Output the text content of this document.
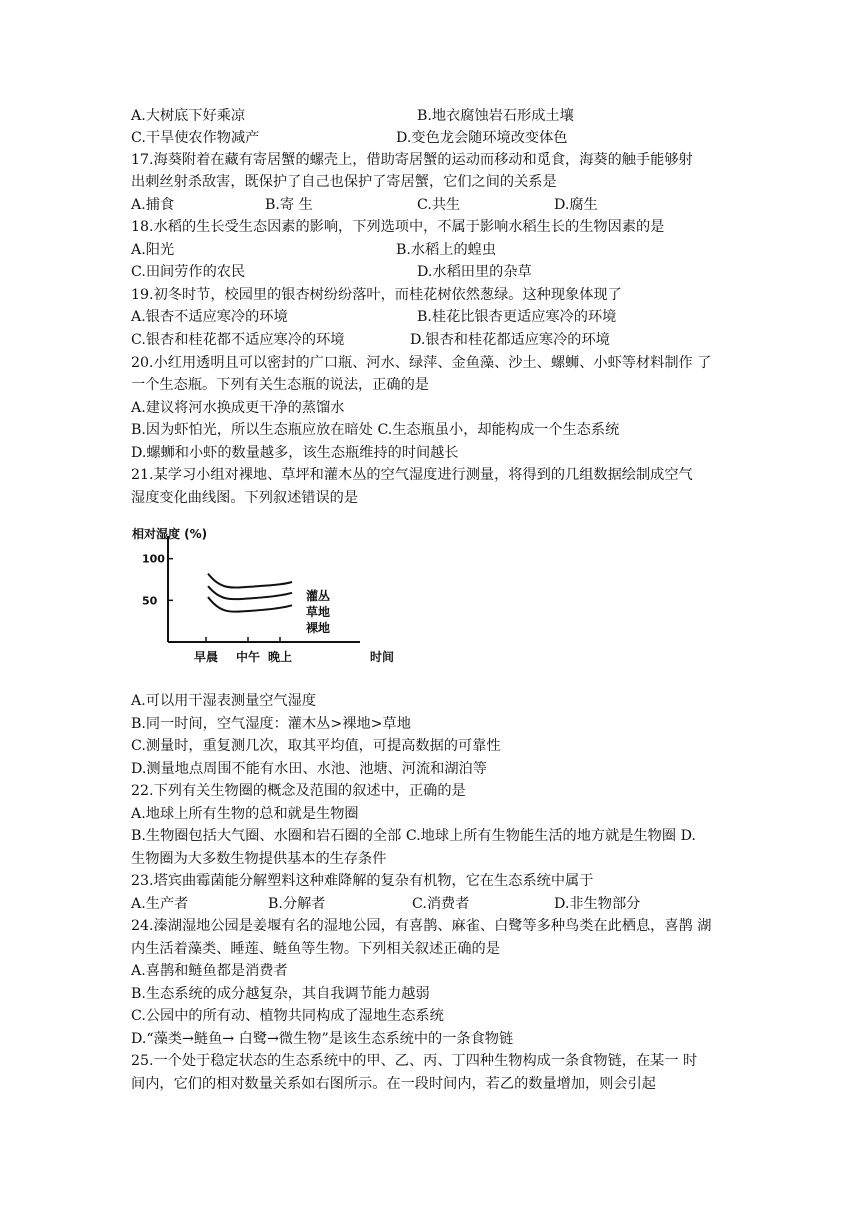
A.大树底下好乘凉	B.地衣腐蚀岩石形成土壤
C.干旱使农作物减产	D.变色龙会随环境改变体色
17.海葵附着在藏有寄居蟹的螺壳上，借助寄居蟹的运动而移动和觅食，海葵的触手能够射
出刺丝射杀敌害，既保护了自己也保护了寄居蟹，它们之间的关系是
A.捕食	B.寄 生	C.共生	D.腐生
18.水稻的生长受生态因素的影响，下列选项中，不属于影响水稻生长的生物因素的是
A.阳光	B.水稻上的蝗虫
C.田间劳作的农民	D.水稻田里的杂草
19.初冬时节，校园里的银杏树纷纷落叶，而桂花树依然葱绿。这种现象体现了
A.银杏不适应寒冷的环境	B.桂花比银杏更适应寒冷的环境
C.银杏和桂花都不适应寒冷的环境	D.银杏和桂花都适应寒冷的环境
20.小红用透明且可以密封的广口瓶、河水、绿萍、金鱼藻、沙土、螺蛳、小虾等材料制作 了
一个生态瓶。下列有关生态瓶的说法，正确的是
A.建议将河水换成更干净的蒸馏水
B.因为虾怕光，所以生态瓶应放在暗处 C.生态瓶虽小，却能构成一个生态系统
D.螺蛳和小虾的数量越多，该生态瓶维持的时间越长
21.某学习小组对裸地、草坪和灌木丛的空气湿度进行测量，将得到的几组数据绘制成空气
湿度变化曲线图。下列叙述错误的是
相对湿度 (%)
时间
100
50
早晨 中午 晚上
灌丛
草地
裸地
A.可以用干湿表测量空气湿度
B.同一时间，空气湿度：灌木丛>裸地>草地
C.测量时，重复测几次，取其平均值，可提高数据的可靠性
D.测量地点周围不能有水田、水池、池塘、河流和湖泊等
22.下列有关生物圈的概念及范围的叙述中，正确的是
A.地球上所有生物的总和就是生物圈
B.生物圈包括大气圈、水圈和岩石圈的全部 C.地球上所有生物能生活的地方就是生物圈 D.
生物圈为大多数生物提供基本的生存条件
23.塔宾曲霉菌能分解塑料这种难降解的复杂有机物，它在生态系统中属于
A.生产者	B.分解者	C.消费者	D.非生物部分
24.溱湖湿地公园是姜堰有名的湿地公园，有喜鹊、麻雀、白鹭等多种鸟类在此栖息，喜鹊 湖
内生活着藻类、睡莲、鲢鱼等生物。下列相关叙述正确的是
A.喜鹊和鲢鱼都是消费者
B.生态系统的成分越复杂，其自我调节能力越弱
C.公园中的所有动、植物共同构成了湿地生态系统
D.“藻类→鲢鱼→ 白鹭→微生物”是该生态系统中的一条食物链
25.一个处于稳定状态的生态系统中的甲、乙、丙、丁四种生物构成一条食物链，在某一 时
间内，它们的相对数量关系如右图所示。在一段时间内，若乙的数量增加，则会引起
